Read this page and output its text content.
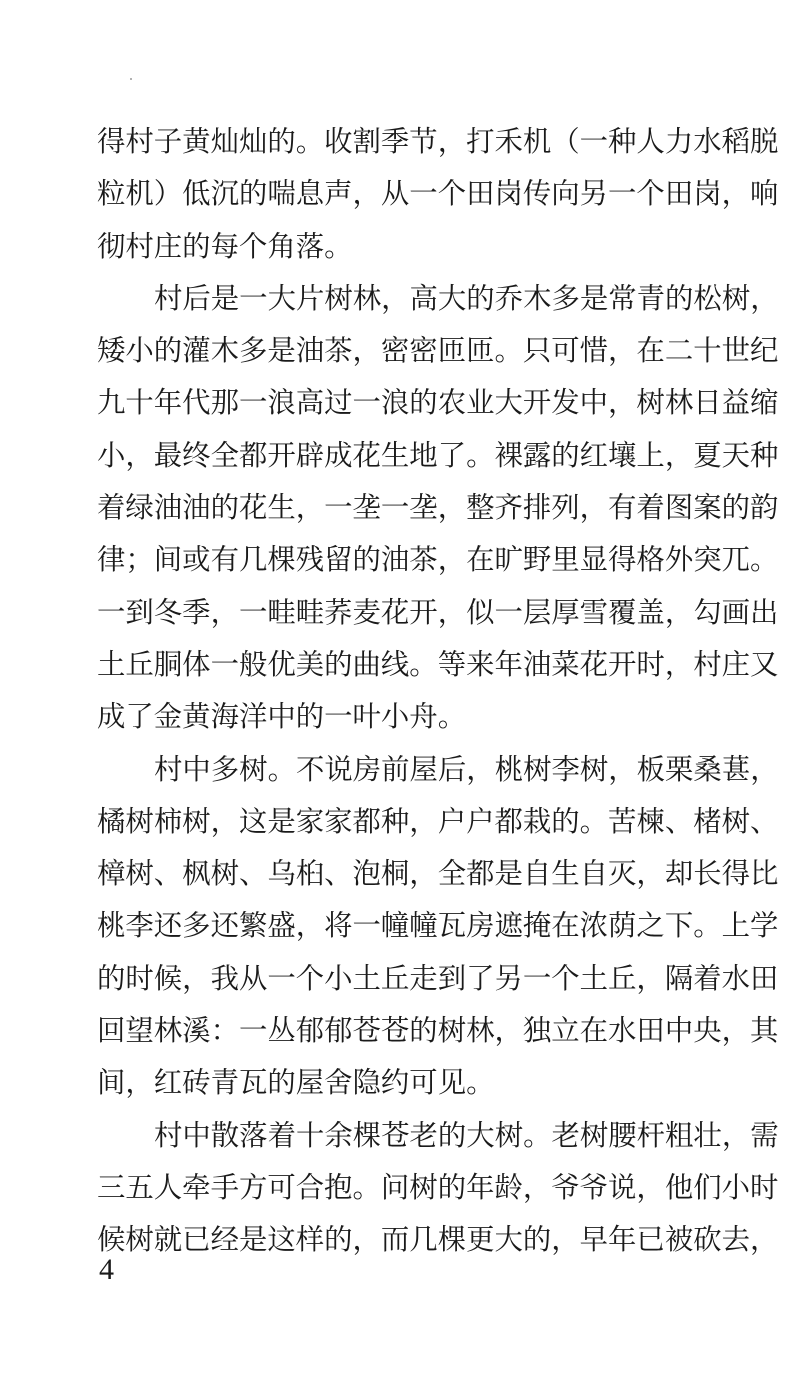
得村子黄灿灿的。收割季节，打禾机（一种人力水稻脱
粒机）低沉的喘息声，从一个田岗传向另一个田岗，响
彻村庄的每个角落。
村后是一大片树林，高大的乔木多是常青的松树，
矮小的灌木多是油茶，密密匝匝。只可惜，在二十世纪
九十年代那一浪高过一浪的农业大开发中，树林日益缩
小，最终全都开辟成花生地了。裸露的红壤上，夏天种
着绿油油的花生，一垄一垄，整齐排列，有着图案的韵
律；间或有几棵残留的油茶，在旷野里显得格外突兀。
一到冬季，一畦畦荞麦花开，似一层厚雪覆盖，勾画出
土丘胴体一般优美的曲线。等来年油菜花开时，村庄又
成了金黄海洋中的一叶小舟。
村中多树。不说房前屋后，桃树李树，板栗桑葚，
橘树柿树，这是家家都种，户户都栽的。苦楝、楮树、
樟树、枫树、乌桕、泡桐，全都是自生自灭，却长得比
桃李还多还繁盛，将一幢幢瓦房遮掩在浓荫之下。上学
的时候，我从一个小土丘走到了另一个土丘，隔着水田
回望林溪：一丛郁郁苍苍的树林，独立在水田中央，其
间，红砖青瓦的屋舍隐约可见。
村中散落着十余棵苍老的大树。老树腰杆粗壮，需
三五人牵手方可合抱。问树的年龄，爷爷说，他们小时
候树就已经是这样的，而几棵更大的，早年已被砍去，
4
